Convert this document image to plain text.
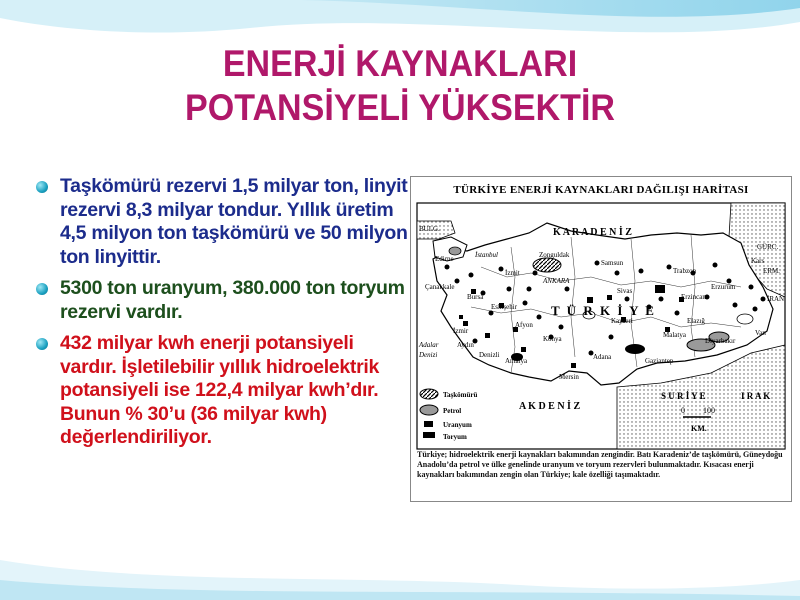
ENERJİ KAYNAKLARI
POTANSİYELİ YÜKSEKTİR
Taşkömürü rezervi 1,5 milyar ton, linyit rezervi 8,3 milyar tondur. Yıllık üretim 4,5 milyon ton taşkömürü ve 50 milyon ton linyittir.
5300 ton uranyum, 380.000 ton toryum rezervi vardır.
432 milyar kwh enerji potansiyeli vardır. İşletilebilir yıllık hidroelektrik potansiyeli ise 122,4 milyar kwh’dır. Bunun % 30’u (36 milyar kwh) değerlendiriliyor.
TÜRKİYE ENERJİ KAYNAKLARI DAĞILIŞI HARİTASI
K A R A D E N İ Z
A K D E N İ Z
Adalar
Denizi
T Ü R K İ Y E
BULG.
GÜRC.
ERM.
İRAN
S U R İ Y E	I R A K
Edirne	İstanbul	Zonguldak
İzmit
Çanakkale
Bursa
Eskişehir
ANKARA
Samsun
Trabzon
Kars
Erzurum
Sivas
Erzincan
Kayseri	Elazığ
Malatya
Diyarbakır
Van
İzmir
Afyon
Aydın
Denizli
Konya
Antalya	Adana
Mersin
Gaziantep
Taşkömürü
Petrol
Uranyum
Toryum
0 100
KM.
Türkiye; hidroelektrik enerji kaynakları bakımından zengindir. Batı Karadeniz’de taşkömürü, Güneydoğu Anadolu’da petrol ve ülke genelinde uranyum ve toryum rezervleri bulunmaktadır. Kısacası enerji kaynakları bakımından zengin olan Türkiye; kale özelliği taşımaktadır.
